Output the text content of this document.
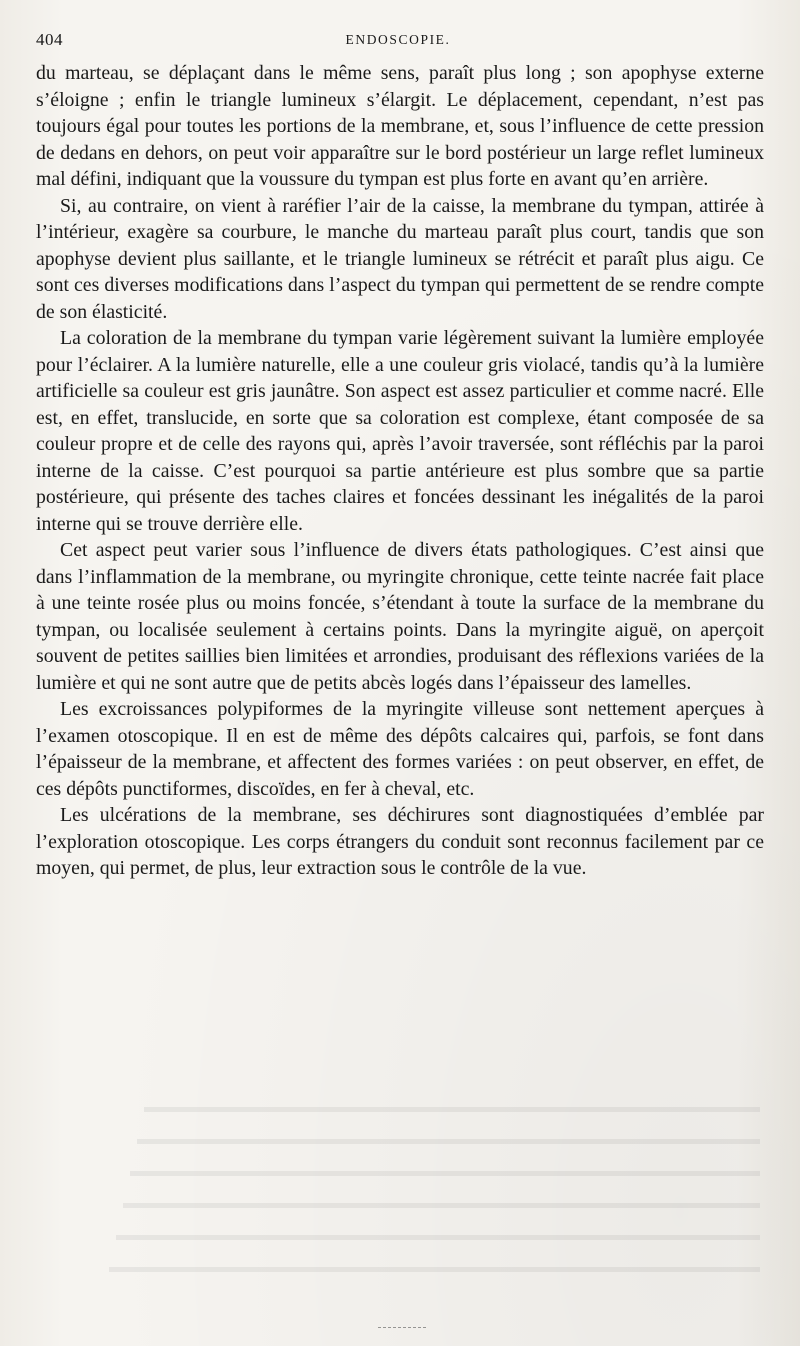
404	ENDOSCOPIE.

du marteau, se déplaçant dans le même sens, paraît plus long ; son apophyse externe s’éloigne ; enfin le triangle lumineux s’élargit. Le déplacement, cependant, n’est pas toujours égal pour toutes les portions de la membrane, et, sous l’influence de cette pression de dedans en dehors, on peut voir apparaître sur le bord postérieur un large reflet lumineux mal défini, indiquant que la voussure du tympan est plus forte en avant qu’en arrière.

Si, au contraire, on vient à raréfier l’air de la caisse, la membrane du tympan, attirée à l’intérieur, exagère sa courbure, le manche du marteau paraît plus court, tandis que son apophyse devient plus saillante, et le triangle lumineux se rétrécit et paraît plus aigu. Ce sont ces diverses modifications dans l’aspect du tympan qui permettent de se rendre compte de son élasticité.

La coloration de la membrane du tympan varie légèrement suivant la lumière employée pour l’éclairer. A la lumière naturelle, elle a une couleur gris violacé, tandis qu’à la lumière artificielle sa couleur est gris jaunâtre. Son aspect est assez particulier et comme nacré. Elle est, en effet, translucide, en sorte que sa coloration est complexe, étant composée de sa couleur propre et de celle des rayons qui, après l’avoir traversée, sont réfléchis par la paroi interne de la caisse. C’est pourquoi sa partie antérieure est plus sombre que sa partie postérieure, qui présente des taches claires et foncées dessinant les inégalités de la paroi interne qui se trouve derrière elle.

Cet aspect peut varier sous l’influence de divers états pathologiques. C’est ainsi que dans l’inflammation de la membrane, ou myringite chronique, cette teinte nacrée fait place à une teinte rosée plus ou moins foncée, s’étendant à toute la surface de la membrane du tympan, ou localisée seulement à certains points. Dans la myringite aiguë, on aperçoit souvent de petites saillies bien limitées et arrondies, produisant des réflexions variées de la lumière et qui ne sont autre que de petits abcès logés dans l’épaisseur des lamelles.

Les excroissances polypiformes de la myringite villeuse sont nettement aperçues à l’examen otoscopique. Il en est de même des dépôts calcaires qui, parfois, se font dans l’épaisseur de la membrane, et affectent des formes variées : on peut observer, en effet, de ces dépôts punctiformes, discoïdes, en fer à cheval, etc.

Les ulcérations de la membrane, ses déchirures sont diagnostiquées d’emblée par l’exploration otoscopique. Les corps étrangers du conduit sont reconnus facilement par ce moyen, qui permet, de plus, leur extraction sous le contrôle de la vue.
